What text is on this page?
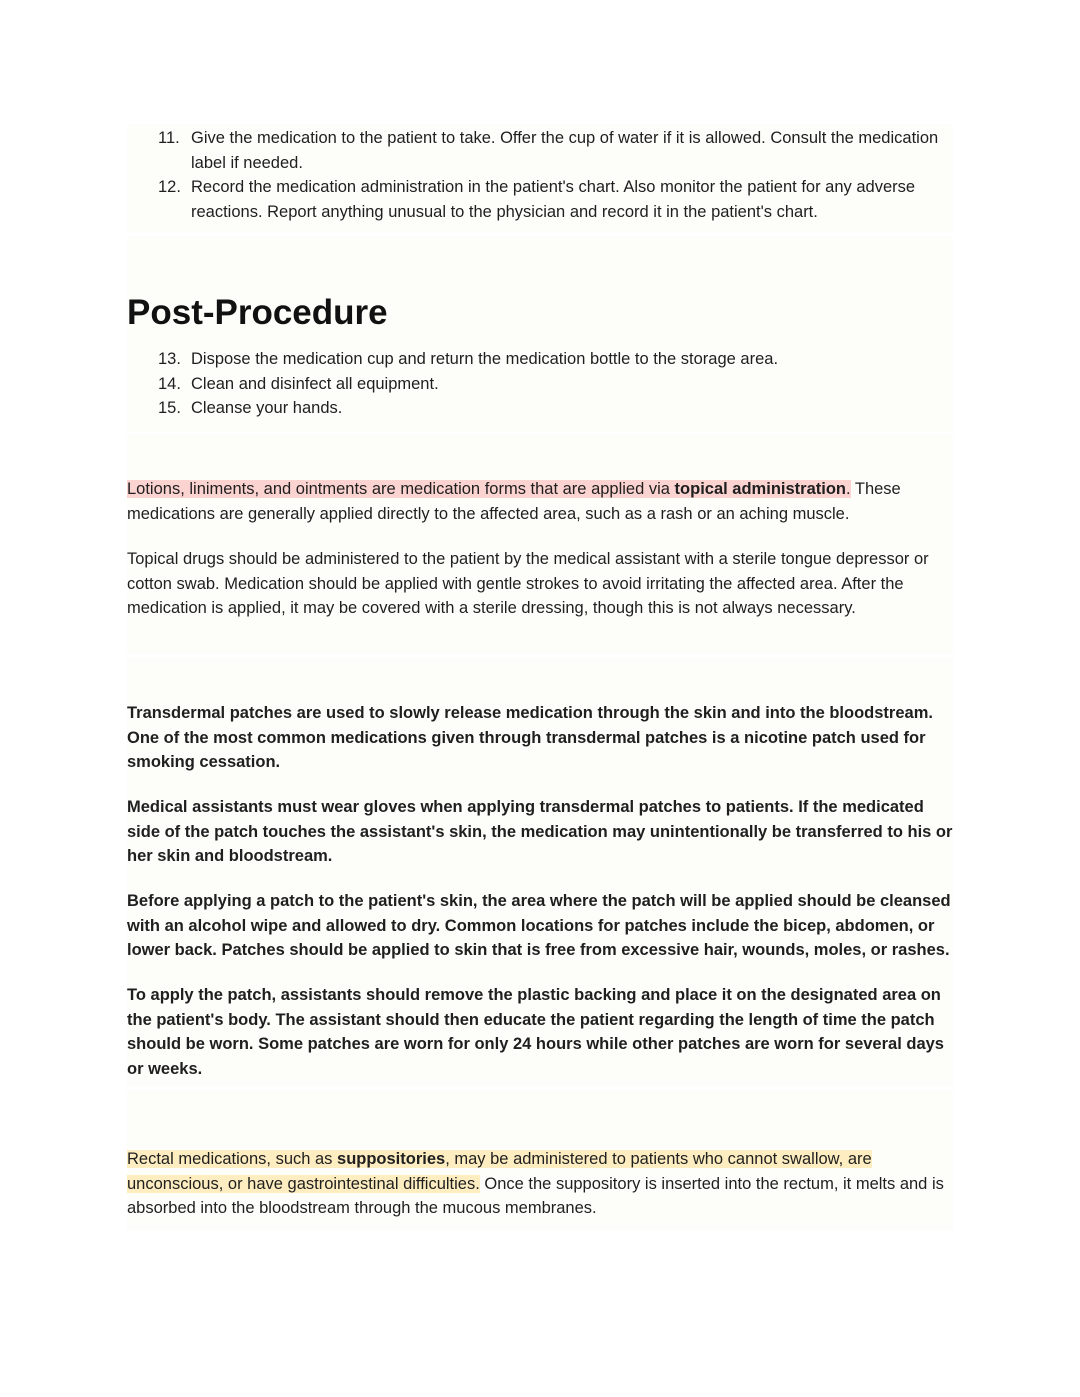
11. Give the medication to the patient to take. Offer the cup of water if it is allowed. Consult the medication label if needed.
12. Record the medication administration in the patient's chart. Also monitor the patient for any adverse reactions. Report anything unusual to the physician and record it in the patient's chart.
Post-Procedure
13. Dispose the medication cup and return the medication bottle to the storage area.
14. Clean and disinfect all equipment.
15. Cleanse your hands.

Lotions, liniments, and ointments are medication forms that are applied via topical administration. These medications are generally applied directly to the affected area, such as a rash or an aching muscle.

Topical drugs should be administered to the patient by the medical assistant with a sterile tongue depressor or cotton swab. Medication should be applied with gentle strokes to avoid irritating the affected area. After the medication is applied, it may be covered with a sterile dressing, though this is not always necessary.

Transdermal patches are used to slowly release medication through the skin and into the bloodstream. One of the most common medications given through transdermal patches is a nicotine patch used for smoking cessation.

Medical assistants must wear gloves when applying transdermal patches to patients. If the medicated side of the patch touches the assistant's skin, the medication may unintentionally be transferred to his or her skin and bloodstream.

Before applying a patch to the patient's skin, the area where the patch will be applied should be cleansed with an alcohol wipe and allowed to dry. Common locations for patches include the bicep, abdomen, or lower back. Patches should be applied to skin that is free from excessive hair, wounds, moles, or rashes.

To apply the patch, assistants should remove the plastic backing and place it on the designated area on the patient's body. The assistant should then educate the patient regarding the length of time the patch should be worn. Some patches are worn for only 24 hours while other patches are worn for several days or weeks.

Rectal medications, such as suppositories, may be administered to patients who cannot swallow, are unconscious, or have gastrointestinal difficulties. Once the suppository is inserted into the rectum, it melts and is absorbed into the bloodstream through the mucous membranes.
